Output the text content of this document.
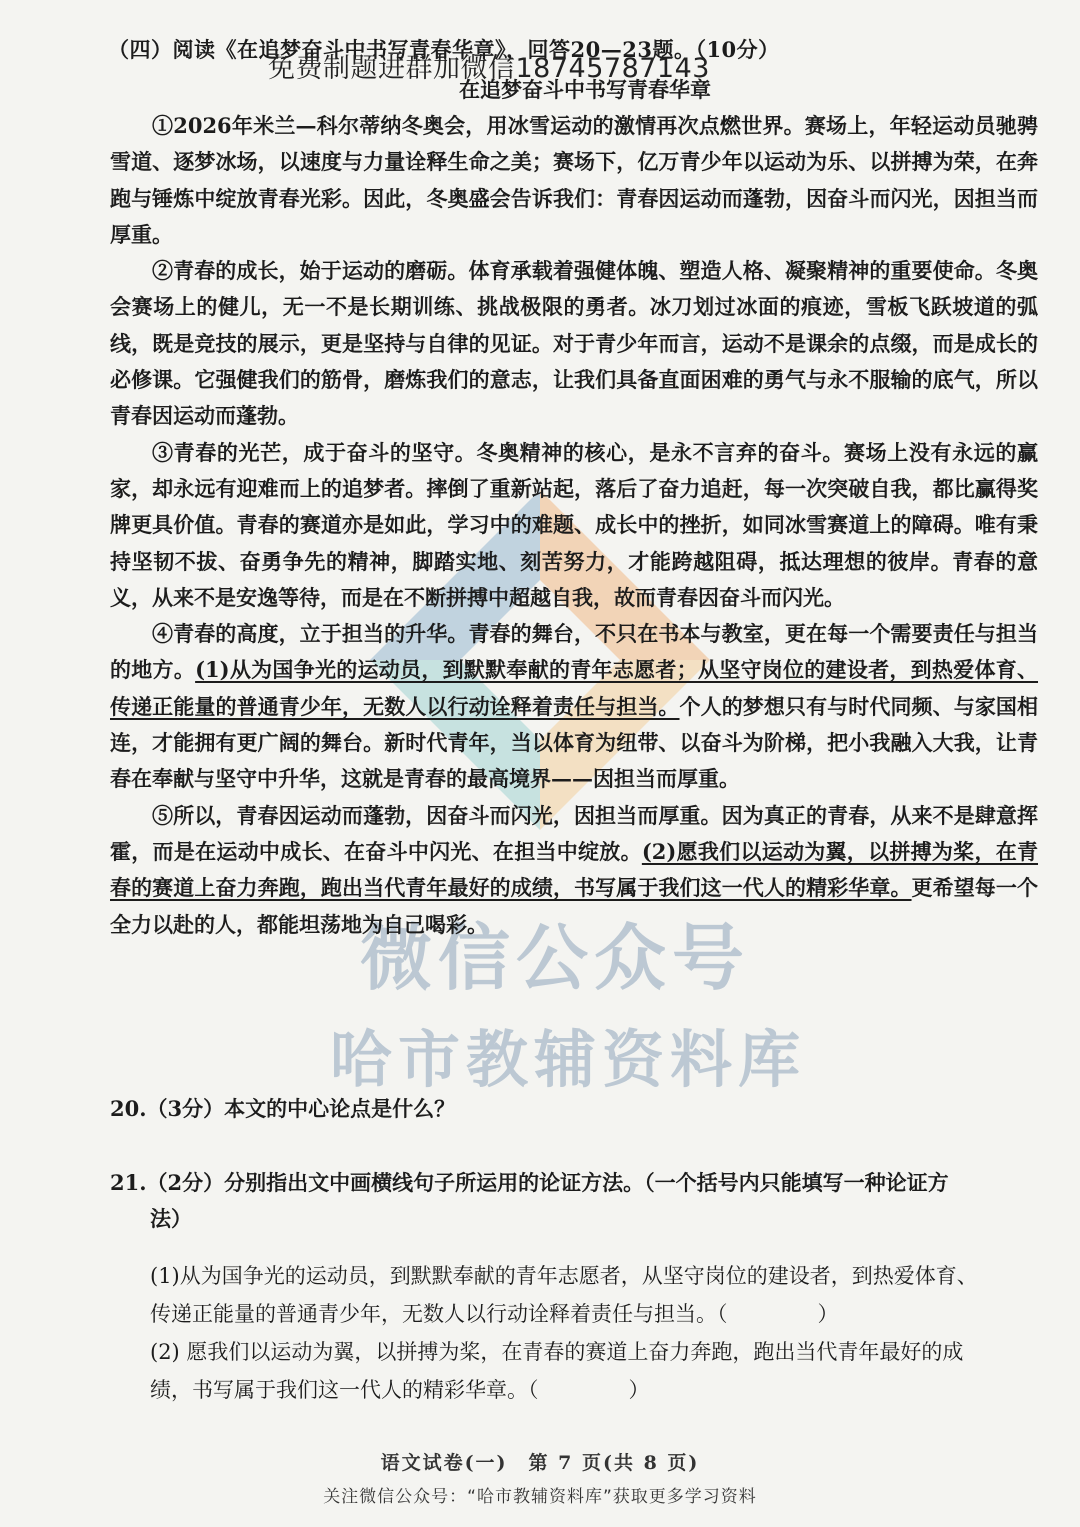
微信公众号
哈市教辅资料库
（四）阅读《在追梦奋斗中书写青春华章》，回答20—23题。（10分）
免费制题进群加微信18745787143
在追梦奋斗中书写青春华章

①2026年米兰—科尔蒂纳冬奥会，用冰雪运动的激情再次点燃世界。赛场上，年轻运动员驰骋雪道、逐梦冰场，以速度与力量诠释生命之美；赛场下，亿万青少年以运动为乐、以拼搏为荣，在奔跑与锤炼中绽放青春光彩。因此，冬奥盛会告诉我们：青春因运动而蓬勃，因奋斗而闪光，因担当而厚重。

②青春的成长，始于运动的磨砺。体育承载着强健体魄、塑造人格、凝聚精神的重要使命。冬奥会赛场上的健儿，无一不是长期训练、挑战极限的勇者。冰刀划过冰面的痕迹，雪板飞跃坡道的弧线，既是竞技的展示，更是坚持与自律的见证。对于青少年而言，运动不是课余的点缀，而是成长的必修课。它强健我们的筋骨，磨炼我们的意志，让我们具备直面困难的勇气与永不服输的底气，所以青春因运动而蓬勃。

③青春的光芒，成于奋斗的坚守。冬奥精神的核心，是永不言弃的奋斗。赛场上没有永远的赢家，却永远有迎难而上的追梦者。摔倒了重新站起，落后了奋力追赶，每一次突破自我，都比赢得奖牌更具价值。青春的赛道亦是如此，学习中的难题、成长中的挫折，如同冰雪赛道上的障碍。唯有秉持坚韧不拔、奋勇争先的精神，脚踏实地、刻苦努力，才能跨越阻碍，抵达理想的彼岸。青春的意义，从来不是安逸等待，而是在不断拼搏中超越自我，故而青春因奋斗而闪光。

④青春的高度，立于担当的升华。青春的舞台，不只在书本与教室，更在每一个需要责任与担当的地方。(1)从为国争光的运动员，到默默奉献的青年志愿者；从坚守岗位的建设者，到热爱体育、传递正能量的普通青少年，无数人以行动诠释着责任与担当。个人的梦想只有与时代同频、与家国相连，才能拥有更广阔的舞台。新时代青年，当以体育为纽带、以奋斗为阶梯，把小我融入大我，让青春在奉献与坚守中升华，这就是青春的最高境界——因担当而厚重。

⑤所以，青春因运动而蓬勃，因奋斗而闪光，因担当而厚重。因为真正的青春，从来不是肆意挥霍，而是在运动中成长、在奋斗中闪光、在担当中绽放。(2)愿我们以运动为翼，以拼搏为桨，在青春的赛道上奋力奔跑，跑出当代青年最好的成绩，书写属于我们这一代人的精彩华章。更希望每一个全力以赴的人，都能坦荡地为自己喝彩。

20.（3分）本文的中心论点是什么？
21.（2分）分别指出文中画横线句子所运用的论证方法。（一个括号内只能填写一种论证方
法）
(1)从为国争光的运动员，到默默奉献的青年志愿者，从坚守岗位的建设者，到热爱体育、
传递正能量的普通青少年，无数人以行动诠释着责任与担当。（	）
(2) 愿我们以运动为翼，以拼搏为桨，在青春的赛道上奋力奔跑，跑出当代青年最好的成
绩，书写属于我们这一代人的精彩华章。（	）
语文试卷(一)　第 7 页(共 8 页)
关注微信公众号：“哈市教辅资料库”获取更多学习资料
